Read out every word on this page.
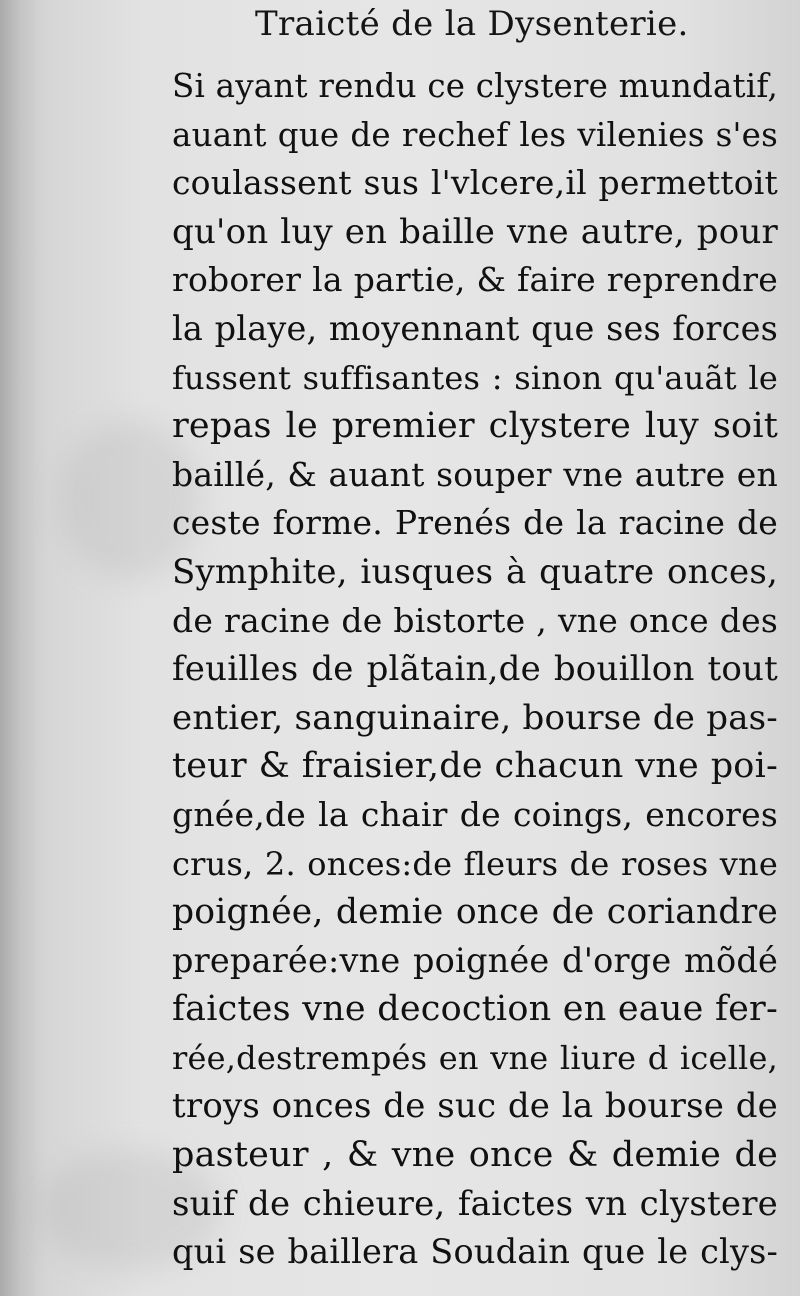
Traicté de la Dysenterie.
Si ayant rendu ce clystere mundatif,
auant que de rechef les vilenies s'es
coulassent sus l'vlcere,il permettoit
qu'on luy en baille vne autre, pour
roborer la partie, & faire reprendre
la playe, moyennant que ses forces
fussent suffisantes : sinon qu'auãt le
repas le premier clystere luy soit
baillé, & auant souper vne autre en
ceste forme. Prenés de la racine de
Symphite, iusques à quatre onces,
de racine de bistorte , vne once des
feuilles de plãtain,de bouillon tout
entier, sanguinaire, bourse de pas-
teur & fraisier,de chacun vne poi-
gnée,de la chair de coings, encores
crus, 2. onces:de fleurs de roses vne
poignée, demie once de coriandre
preparée:vne poignée d'orge mõdé
faictes vne decoction en eaue fer-
rée,destrempés en vne liure d icelle,
troys onces de suc de la bourse de
pasteur , & vne once & demie de
suif de chieure, faictes vn clystere
qui se baillera Soudain que le clys-
